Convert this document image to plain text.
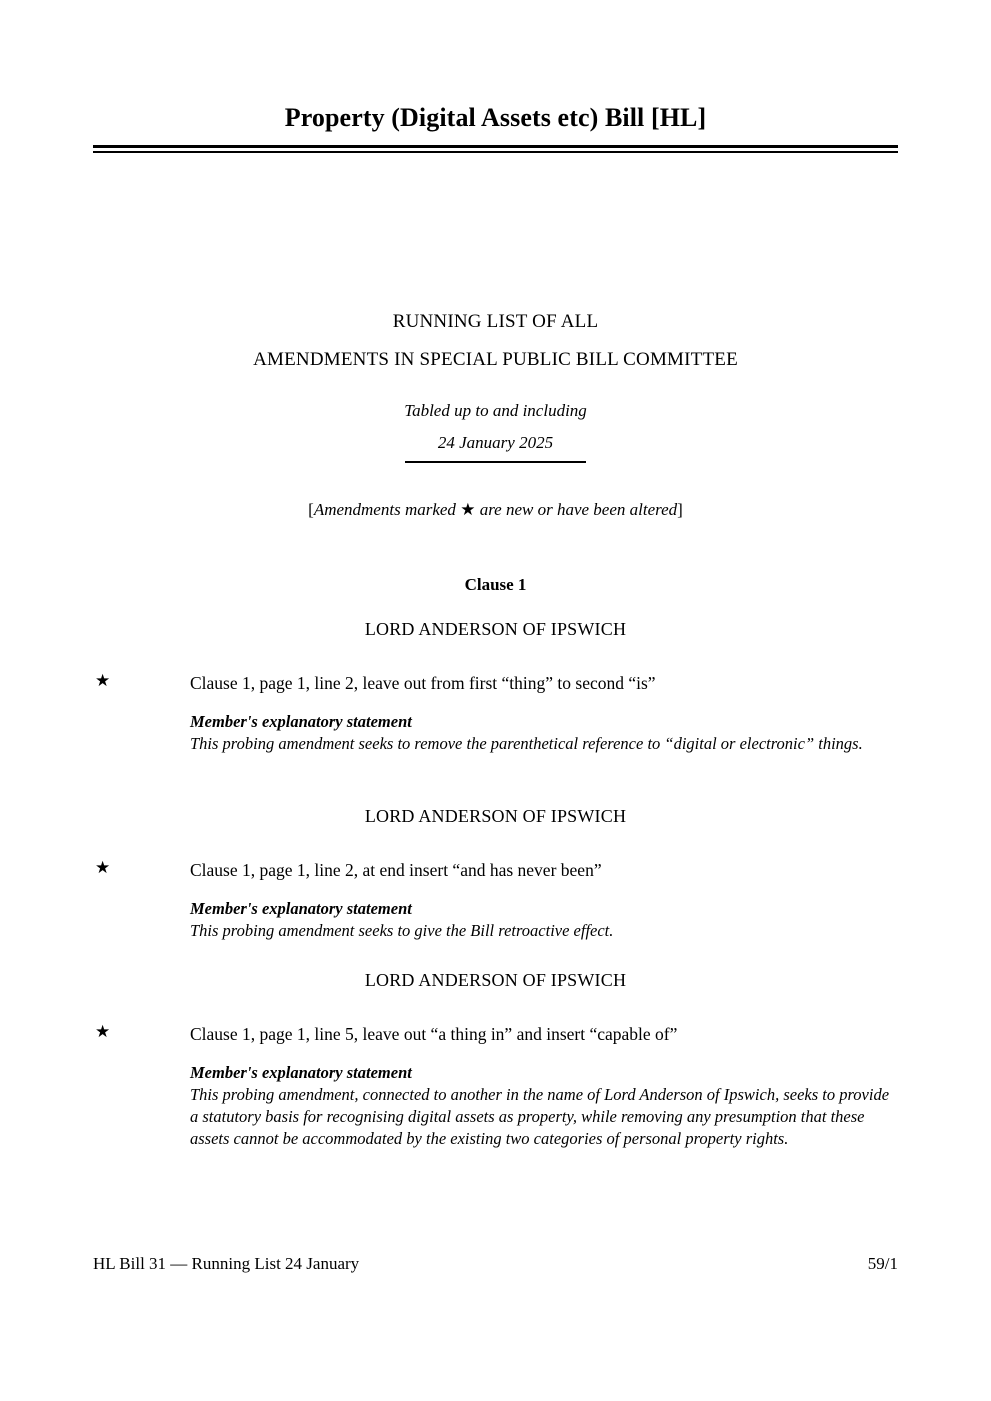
Property (Digital Assets etc) Bill [HL]
RUNNING LIST OF ALL
AMENDMENTS IN SPECIAL PUBLIC BILL COMMITTEE
Tabled up to and including
24 January 2025
[Amendments marked ★ are new or have been altered]
Clause 1
LORD ANDERSON OF IPSWICH
★	Clause 1, page 1, line 2, leave out from first “thing” to second “is”
Member's explanatory statement
This probing amendment seeks to remove the parenthetical reference to “digital or electronic” things.
LORD ANDERSON OF IPSWICH
★	Clause 1, page 1, line 2, at end insert “and has never been”
Member's explanatory statement
This probing amendment seeks to give the Bill retroactive effect.
LORD ANDERSON OF IPSWICH
★	Clause 1, page 1, line 5, leave out “a thing in” and insert “capable of”
Member's explanatory statement
This probing amendment, connected to another in the name of Lord Anderson of Ipswich, seeks to provide a statutory basis for recognising digital assets as property, while removing any presumption that these assets cannot be accommodated by the existing two categories of personal property rights.
HL Bill 31 — Running List 24 January	59/1
